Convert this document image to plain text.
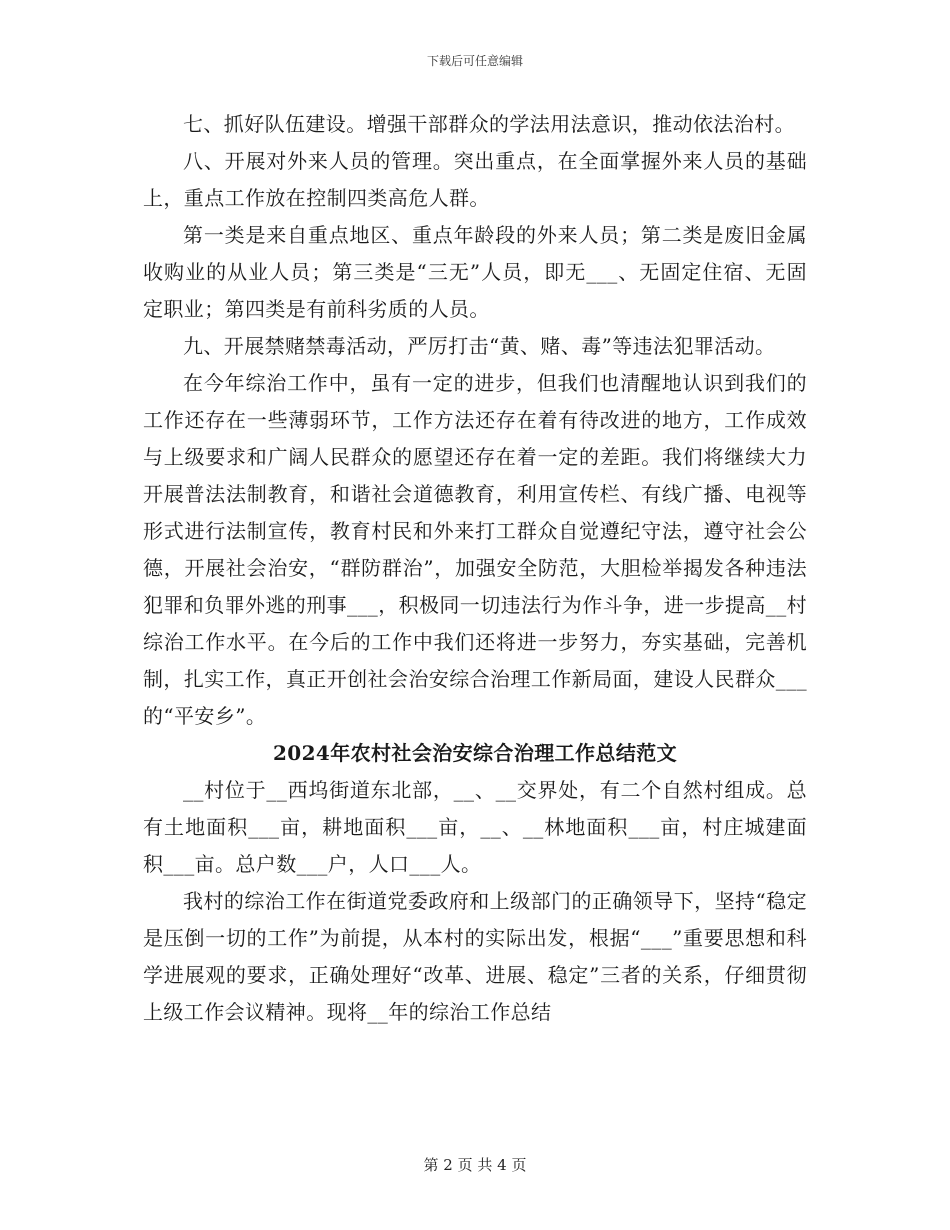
下载后可任意编辑

七、抓好队伍建设。增强干部群众的学法用法意识，推动依法治村。

八、开展对外来人员的管理。突出重点，在全面掌握外来人员的基础上，重点工作放在控制四类高危人群。

第一类是来自重点地区、重点年龄段的外来人员；第二类是废旧金属收购业的从业人员；第三类是“三无”人员，即无___、无固定住宿、无固定职业；第四类是有前科劣质的人员。

九、开展禁赌禁毒活动，严厉打击“黄、赌、毒”等违法犯罪活动。

在今年综治工作中，虽有一定的进步，但我们也清醒地认识到我们的工作还存在一些薄弱环节，工作方法还存在着有待改进的地方，工作成效与上级要求和广阔人民群众的愿望还存在着一定的差距。我们将继续大力开展普法法制教育，和谐社会道德教育，利用宣传栏、有线广播、电视等形式进行法制宣传，教育村民和外来打工群众自觉遵纪守法，遵守社会公德，开展社会治安，“群防群治”，加强安全防范，大胆检举揭发各种违法犯罪和负罪外逃的刑事___，积极同一切违法行为作斗争，进一步提高__村综治工作水平。在今后的工作中我们还将进一步努力，夯实基础，完善机制，扎实工作，真正开创社会治安综合治理工作新局面，建设人民群众___的“平安乡”。

2024年农村社会治安综合治理工作总结范文

__村位于__西坞街道东北部，__、__交界处，有二个自然村组成。总有土地面积___亩，耕地面积___亩，__、__林地面积___亩，村庄城建面积___亩。总户数___户，人口___人。

我村的综治工作在街道党委政府和上级部门的正确领导下，坚持“稳定是压倒一切的工作”为前提，从本村的实际出发，根据“___”重要思想和科学进展观的要求，正确处理好“改革、进展、稳定”三者的关系，仔细贯彻上级工作会议精神。现将__年的综治工作总结

第 2 页 共 4 页
